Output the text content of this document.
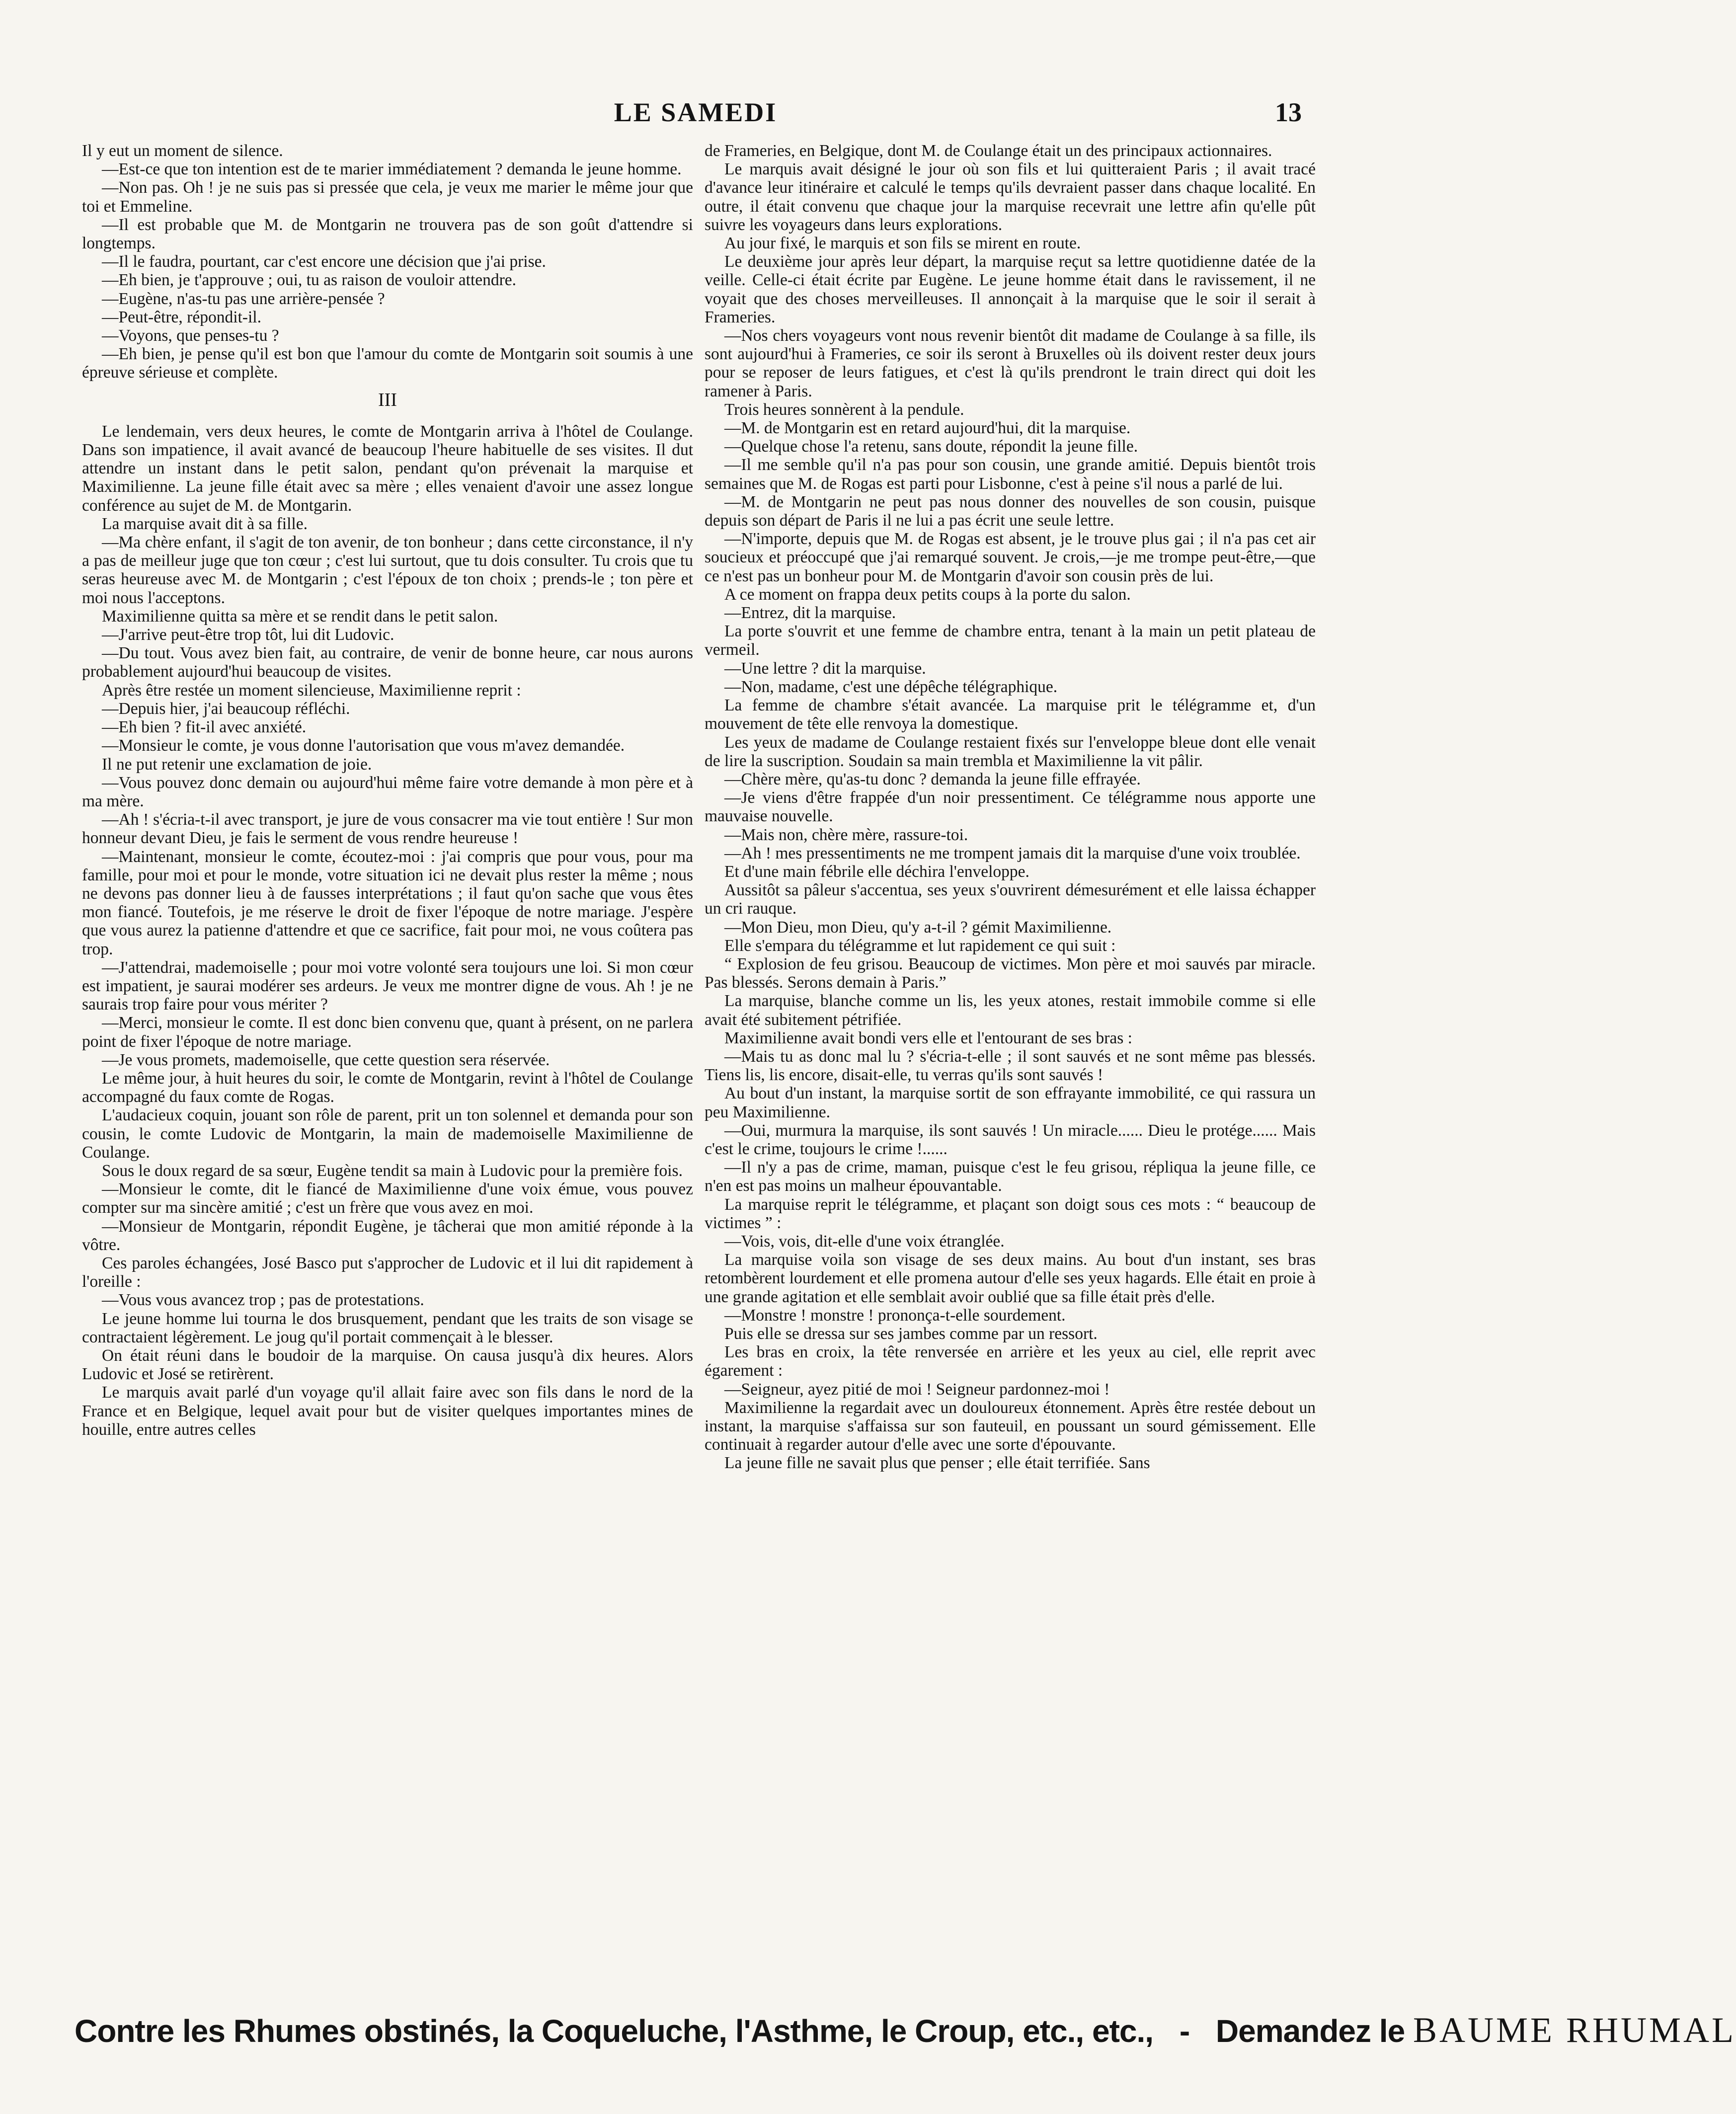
LE SAMEDI	13

Il y eut un moment de silence.

—Est-ce que ton intention est de te marier immédiatement ? demanda le jeune homme.

—Non pas. Oh ! je ne suis pas si pressée que cela, je veux me marier le même jour que toi et Emmeline.

—Il est probable que M. de Montgarin ne trouvera pas de son goût d'attendre si longtemps.

—Il le faudra, pourtant, car c'est encore une décision que j'ai prise.

—Eh bien, je t'approuve ; oui, tu as raison de vouloir attendre.

—Eugène, n'as-tu pas une arrière-pensée ?

—Peut-être, répondit-il.

—Voyons, que penses-tu ?

—Eh bien, je pense qu'il est bon que l'amour du comte de Montgarin soit soumis à une épreuve sérieuse et complète.

III

Le lendemain, vers deux heures, le comte de Montgarin arriva à l'hôtel de Coulange. Dans son impatience, il avait avancé de beaucoup l'heure habituelle de ses visites. Il dut attendre un instant dans le petit salon, pendant qu'on prévenait la marquise et Maximilienne. La jeune fille était avec sa mère ; elles venaient d'avoir une assez longue conférence au sujet de M. de Montgarin.

La marquise avait dit à sa fille.

—Ma chère enfant, il s'agit de ton avenir, de ton bonheur ; dans cette circonstance, il n'y a pas de meilleur juge que ton cœur ; c'est lui surtout, que tu dois consulter. Tu crois que tu seras heureuse avec M. de Montgarin ; c'est l'époux de ton choix ; prends-le ; ton père et moi nous l'acceptons.

Maximilienne quitta sa mère et se rendit dans le petit salon.

—J'arrive peut-être trop tôt, lui dit Ludovic.

—Du tout. Vous avez bien fait, au contraire, de venir de bonne heure, car nous aurons probablement aujourd'hui beaucoup de visites.

Après être restée un moment silencieuse, Maximilienne reprit :

—Depuis hier, j'ai beaucoup réfléchi.

—Eh bien ? fit-il avec anxiété.

—Monsieur le comte, je vous donne l'autorisation que vous m'avez demandée.

Il ne put retenir une exclamation de joie.

—Vous pouvez donc demain ou aujourd'hui même faire votre demande à mon père et à ma mère.

—Ah ! s'écria-t-il avec transport, je jure de vous consacrer ma vie tout entière ! Sur mon honneur devant Dieu, je fais le serment de vous rendre heureuse !

—Maintenant, monsieur le comte, écoutez-moi : j'ai compris que pour vous, pour ma famille, pour moi et pour le monde, votre situation ici ne devait plus rester la même ; nous ne devons pas donner lieu à de fausses interprétations ; il faut qu'on sache que vous êtes mon fiancé. Toutefois, je me réserve le droit de fixer l'époque de notre mariage. J'espère que vous aurez la patienne d'attendre et que ce sacrifice, fait pour moi, ne vous coûtera pas trop.

—J'attendrai, mademoiselle ; pour moi votre volonté sera toujours une loi. Si mon cœur est impatient, je saurai modérer ses ardeurs. Je veux me montrer digne de vous. Ah ! je ne saurais trop faire pour vous mériter ?

—Merci, monsieur le comte. Il est donc bien convenu que, quant à présent, on ne parlera point de fixer l'époque de notre mariage.

—Je vous promets, mademoiselle, que cette question sera réservée.

Le même jour, à huit heures du soir, le comte de Montgarin, revint à l'hôtel de Coulange accompagné du faux comte de Rogas.

L'audacieux coquin, jouant son rôle de parent, prit un ton solennel et demanda pour son cousin, le comte Ludovic de Montgarin, la main de mademoiselle Maximilienne de Coulange.

Sous le doux regard de sa sœur, Eugène tendit sa main à Ludovic pour la première fois.

—Monsieur le comte, dit le fiancé de Maximilienne d'une voix émue, vous pouvez compter sur ma sincère amitié ; c'est un frère que vous avez en moi.

—Monsieur de Montgarin, répondit Eugène, je tâcherai que mon amitié réponde à la vôtre.

Ces paroles échangées, José Basco put s'approcher de Ludovic et il lui dit rapidement à l'oreille :

—Vous vous avancez trop ; pas de protestations.

Le jeune homme lui tourna le dos brusquement, pendant que les traits de son visage se contractaient légèrement. Le joug qu'il portait commençait à le blesser.

On était réuni dans le boudoir de la marquise. On causa jusqu'à dix heures. Alors Ludovic et José se retirèrent.

Le marquis avait parlé d'un voyage qu'il allait faire avec son fils dans le nord de la France et en Belgique, lequel avait pour but de visiter quelques importantes mines de houille, entre autres celles

de Frameries, en Belgique, dont M. de Coulange était un des principaux actionnaires.

Le marquis avait désigné le jour où son fils et lui quitteraient Paris ; il avait tracé d'avance leur itinéraire et calculé le temps qu'ils devraient passer dans chaque localité. En outre, il était convenu que chaque jour la marquise recevrait une lettre afin qu'elle pût suivre les voyageurs dans leurs explorations.

Au jour fixé, le marquis et son fils se mirent en route.

Le deuxième jour après leur départ, la marquise reçut sa lettre quotidienne datée de la veille. Celle-ci était écrite par Eugène. Le jeune homme était dans le ravissement, il ne voyait que des choses merveilleuses. Il annonçait à la marquise que le soir il serait à Frameries.

—Nos chers voyageurs vont nous revenir bientôt dit madame de Coulange à sa fille, ils sont aujourd'hui à Frameries, ce soir ils seront à Bruxelles où ils doivent rester deux jours pour se reposer de leurs fatigues, et c'est là qu'ils prendront le train direct qui doit les ramener à Paris.

Trois heures sonnèrent à la pendule.

—M. de Montgarin est en retard aujourd'hui, dit la marquise.

—Quelque chose l'a retenu, sans doute, répondit la jeune fille.

—Il me semble qu'il n'a pas pour son cousin, une grande amitié. Depuis bientôt trois semaines que M. de Rogas est parti pour Lisbonne, c'est à peine s'il nous a parlé de lui.

—M. de Montgarin ne peut pas nous donner des nouvelles de son cousin, puisque depuis son départ de Paris il ne lui a pas écrit une seule lettre.

—N'importe, depuis que M. de Rogas est absent, je le trouve plus gai ; il n'a pas cet air soucieux et préoccupé que j'ai remarqué souvent. Je crois,—je me trompe peut-être,—que ce n'est pas un bonheur pour M. de Montgarin d'avoir son cousin près de lui.

A ce moment on frappa deux petits coups à la porte du salon.

—Entrez, dit la marquise.

La porte s'ouvrit et une femme de chambre entra, tenant à la main un petit plateau de vermeil.

—Une lettre ? dit la marquise.

—Non, madame, c'est une dépêche télégraphique.

La femme de chambre s'était avancée. La marquise prit le télégramme et, d'un mouvement de tête elle renvoya la domestique.

Les yeux de madame de Coulange restaient fixés sur l'enveloppe bleue dont elle venait de lire la suscription. Soudain sa main trembla et Maximilienne la vit pâlir.

—Chère mère, qu'as-tu donc ? demanda la jeune fille effrayée.

—Je viens d'être frappée d'un noir pressentiment. Ce télégramme nous apporte une mauvaise nouvelle.

—Mais non, chère mère, rassure-toi.

—Ah ! mes pressentiments ne me trompent jamais dit la marquise d'une voix troublée.

Et d'une main fébrile elle déchira l'enveloppe.

Aussitôt sa pâleur s'accentua, ses yeux s'ouvrirent démesurément et elle laissa échapper un cri rauque.

—Mon Dieu, mon Dieu, qu'y a-t-il ? gémit Maximilienne.

Elle s'empara du télégramme et lut rapidement ce qui suit :

“ Explosion de feu grisou. Beaucoup de victimes. Mon père et moi sauvés par miracle. Pas blessés. Serons demain à Paris.”

La marquise, blanche comme un lis, les yeux atones, restait immobile comme si elle avait été subitement pétrifiée.

Maximilienne avait bondi vers elle et l'entourant de ses bras :

—Mais tu as donc mal lu ? s'écria-t-elle ; il sont sauvés et ne sont même pas blessés. Tiens lis, lis encore, disait-elle, tu verras qu'ils sont sauvés !

Au bout d'un instant, la marquise sortit de son effrayante immobilité, ce qui rassura un peu Maximilienne.

—Oui, murmura la marquise, ils sont sauvés ! Un miracle...... Dieu le protége...... Mais c'est le crime, toujours le crime !......

—Il n'y a pas de crime, maman, puisque c'est le feu grisou, répliqua la jeune fille, ce n'en est pas moins un malheur épouvantable.

La marquise reprit le télégramme, et plaçant son doigt sous ces mots : “ beaucoup de victimes ” :

—Vois, vois, dit-elle d'une voix étranglée.

La marquise voila son visage de ses deux mains. Au bout d'un instant, ses bras retombèrent lourdement et elle promena autour d'elle ses yeux hagards. Elle était en proie à une grande agitation et elle semblait avoir oublié que sa fille était près d'elle.

—Monstre ! monstre ! prononça-t-elle sourdement.

Puis elle se dressa sur ses jambes comme par un ressort.

Les bras en croix, la tête renversée en arrière et les yeux au ciel, elle reprit avec égarement :

—Seigneur, ayez pitié de moi ! Seigneur pardonnez-moi !

Maximilienne la regardait avec un douloureux étonnement. Après être restée debout un instant, la marquise s'affaissa sur son fauteuil, en poussant un sourd gémissement. Elle continuait à regarder autour d'elle avec une sorte d'épouvante.

La jeune fille ne savait plus que penser ; elle était terrifiée. Sans

Contre les Rhumes obstinés, la Coqueluche, l'Asthme, le Croup, etc., etc., - Demandez le BAUME RHUMAL
